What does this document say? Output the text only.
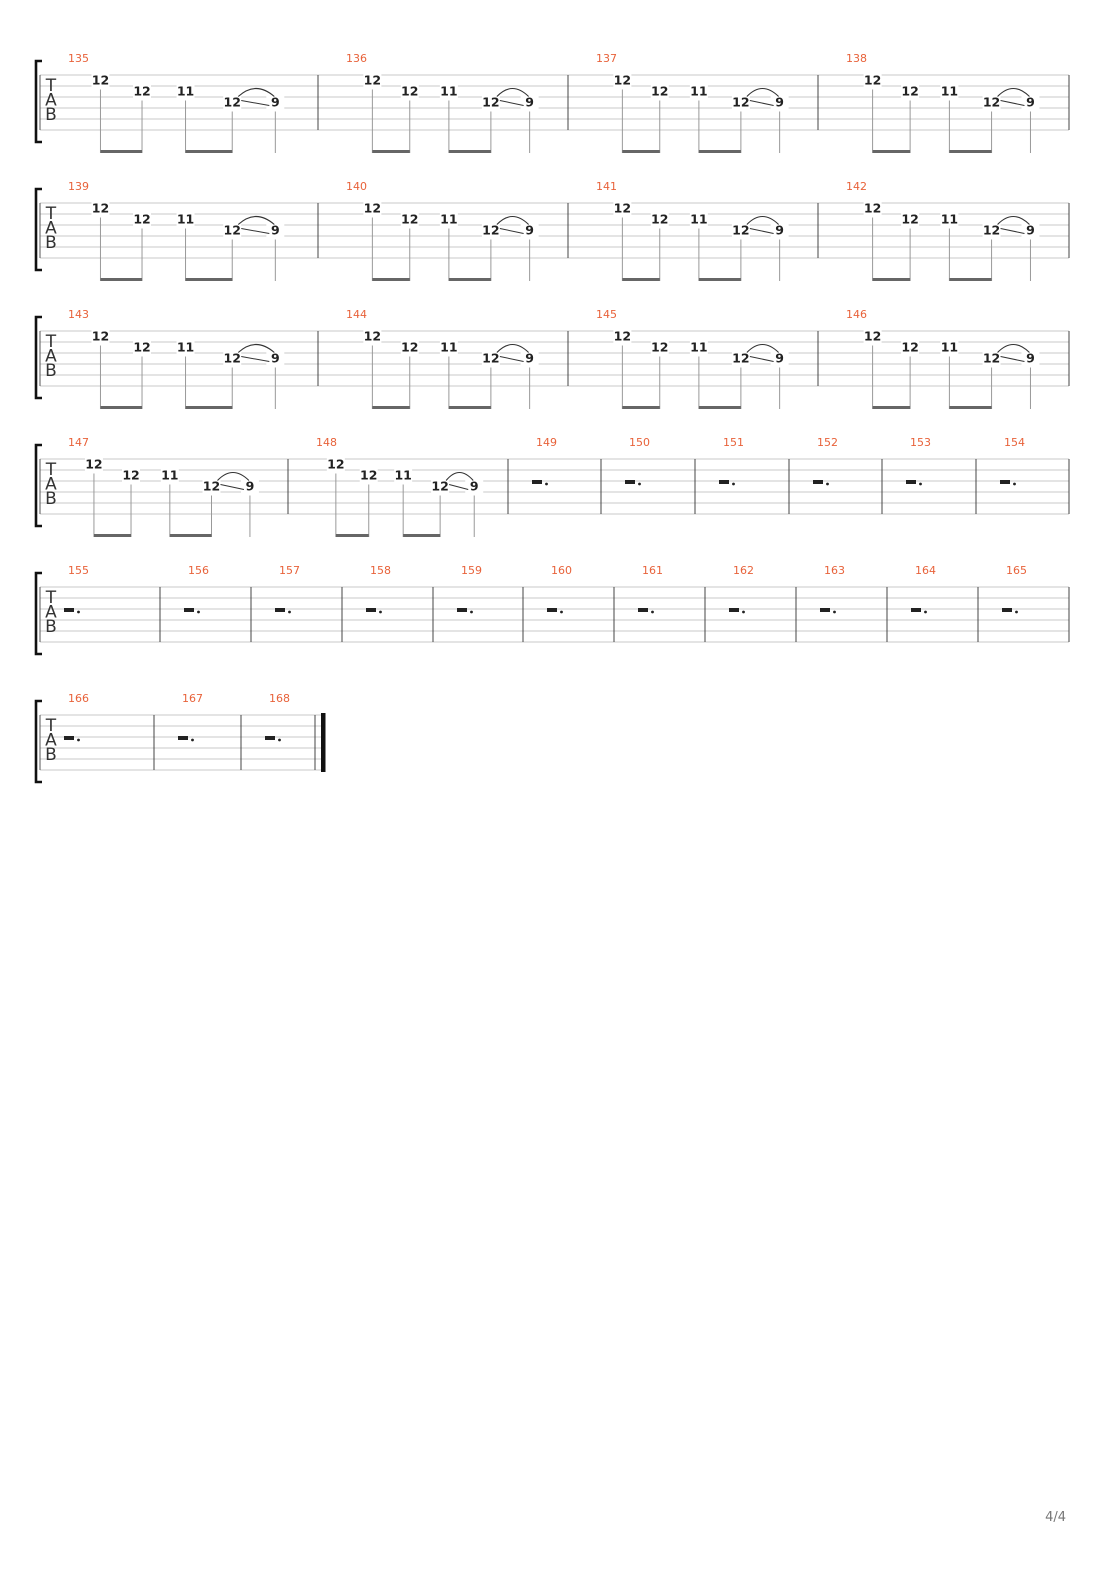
T
A
B
135
12
12 11
12 9
136
12
12 11
12 9
137
12
12 11
12 9
138
12
12 11
12 9
T
A
B
139
12
12 11
12 9
140
12
12 11
12 9
141
12
12 11
12 9
142
12
12 11
12 9
T
A
B
143
12
12 11
12 9
144
12
12 11
12 9
145
12
12 11
12 9
146
12
12 11
12 9
T
A
B
147
12
12 11
12 9
148
12
12 11
12 9
149	150	151	152	153	154
T
A
B
155	156	157	158	159	160	161	162	163	164	165
T
A
B
166	167	168
4/4
